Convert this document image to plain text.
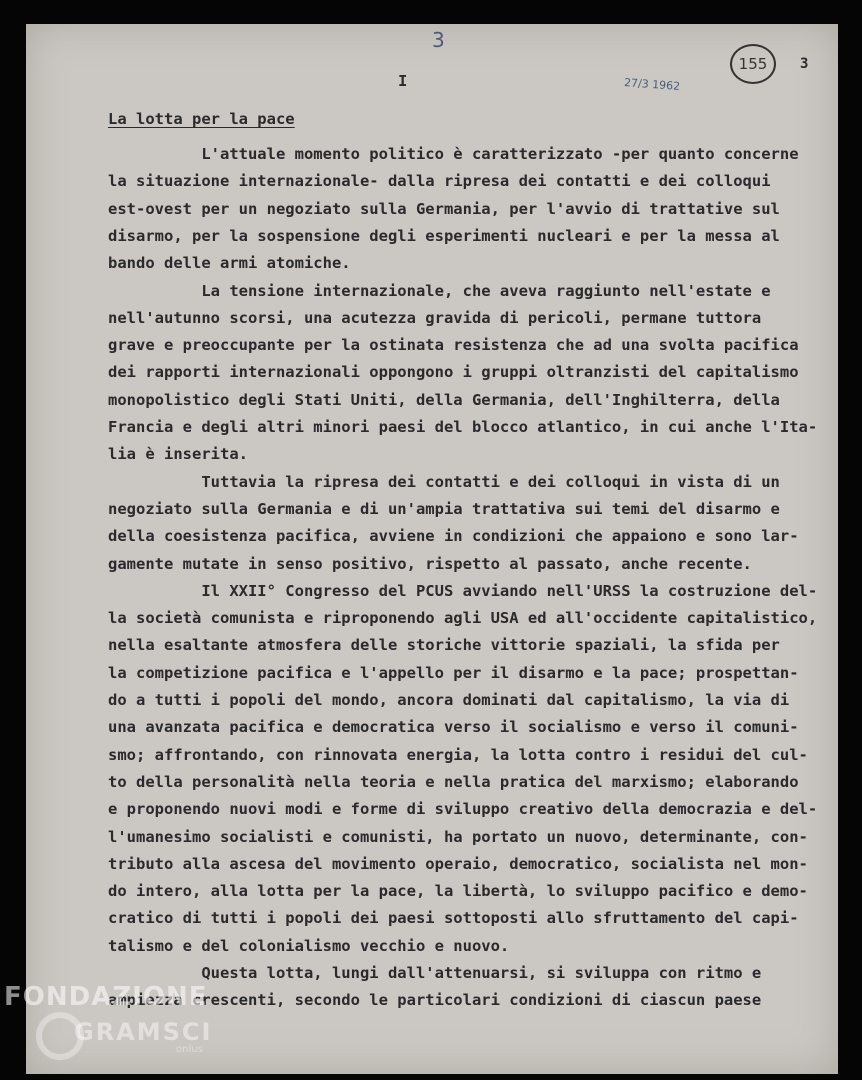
3
155	3
27/3 1962
I
La lotta per la pace
L'attuale momento politico è caratterizzato -per quanto concerne
la situazione internazionale- dalla ripresa dei contatti e dei colloqui
est-ovest per un negoziato sulla Germania, per l'avvio di trattative sul
disarmo, per la sospensione degli esperimenti nucleari e per la messa al
bando delle armi atomiche.
La tensione internazionale, che aveva raggiunto nell'estate e
nell'autunno scorsi, una acutezza gravida di pericoli, permane tuttora
grave e preoccupante per la ostinata resistenza che ad una svolta pacifica
dei rapporti internazionali oppongono i gruppi oltranzisti del capitalismo
monopolistico degli Stati Uniti, della Germania, dell'Inghilterra, della
Francia e degli altri minori paesi del blocco atlantico, in cui anche l'Ita-
lia è inserita.
Tuttavia la ripresa dei contatti e dei colloqui in vista di un
negoziato sulla Germania e di un'ampia trattativa sui temi del disarmo e
della coesistenza pacifica, avviene in condizioni che appaiono e sono lar-
gamente mutate in senso positivo, rispetto al passato, anche recente.
Il XXII° Congresso del PCUS avviando nell'URSS la costruzione del-
la società comunista e riproponendo agli USA ed all'occidente capitalistico,
nella esaltante atmosfera delle storiche vittorie spaziali, la sfida per
la competizione pacifica e l'appello per il disarmo e la pace; prospettan-
do a tutti i popoli del mondo, ancora dominati dal capitalismo, la via di
una avanzata pacifica e democratica verso il socialismo e verso il comuni-
smo; affrontando, con rinnovata energia, la lotta contro i residui del cul-
to della personalità nella teoria e nella pratica del marxismo; elaborando
e proponendo nuovi modi e forme di sviluppo creativo della democrazia e del-
l'umanesimo socialisti e comunisti, ha portato un nuovo, determinante, con-
tributo alla ascesa del movimento operaio, democratico, socialista nel mon-
do intero, alla lotta per la pace, la libertà, lo sviluppo pacifico e demo-
cratico di tutti i popoli dei paesi sottoposti allo sfruttamento del capi-
talismo e del colonialismo vecchio e nuovo.
Questa lotta, lungi dall'attenuarsi, si sviluppa con ritmo e
ampiezza crescenti, secondo le particolari condizioni di ciascun paese
FONDAZIONE
GRAMSCI
onlus
